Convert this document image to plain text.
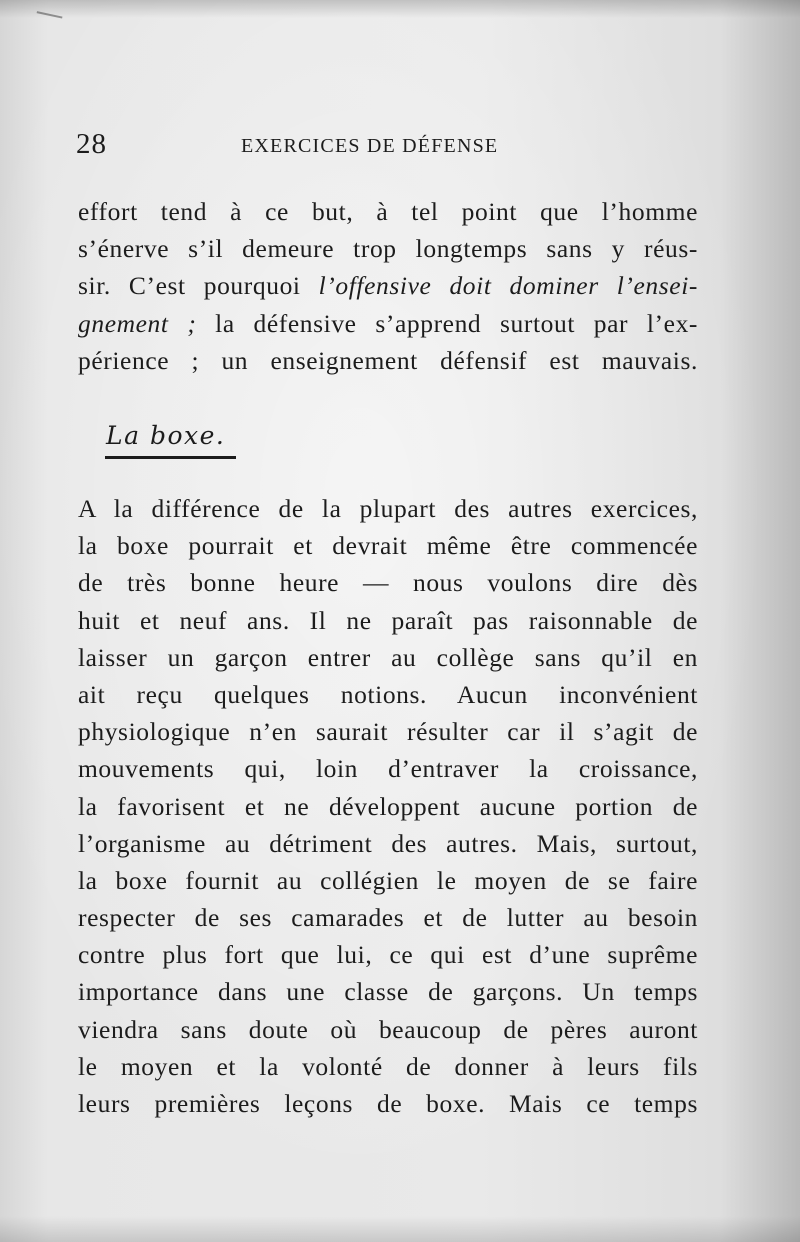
28	EXERCICES DE DÉFENSE
effort tend à ce but, à tel point que l’homme
s’énerve s’il demeure trop longtemps sans y réus-
sir. C’est pourquoi l’offensive doit dominer l’ensei-
gnement ; la défensive s’apprend surtout par l’ex-
périence ; un enseignement défensif est mauvais.
La boxe.
A la différence de la plupart des autres exercices,
la boxe pourrait et devrait même être commencée
de très bonne heure — nous voulons dire dès
huit et neuf ans. Il ne paraît pas raisonnable de
laisser un garçon entrer au collège sans qu’il en
ait reçu quelques notions. Aucun inconvénient
physiologique n’en saurait résulter car il s’agit de
mouvements qui, loin d’entraver la croissance,
la favorisent et ne développent aucune portion de
l’organisme au détriment des autres. Mais, surtout,
la boxe fournit au collégien le moyen de se faire
respecter de ses camarades et de lutter au besoin
contre plus fort que lui, ce qui est d’une suprême
importance dans une classe de garçons. Un temps
viendra sans doute où beaucoup de pères auront
le moyen et la volonté de donner à leurs fils
leurs premières leçons de boxe. Mais ce temps
